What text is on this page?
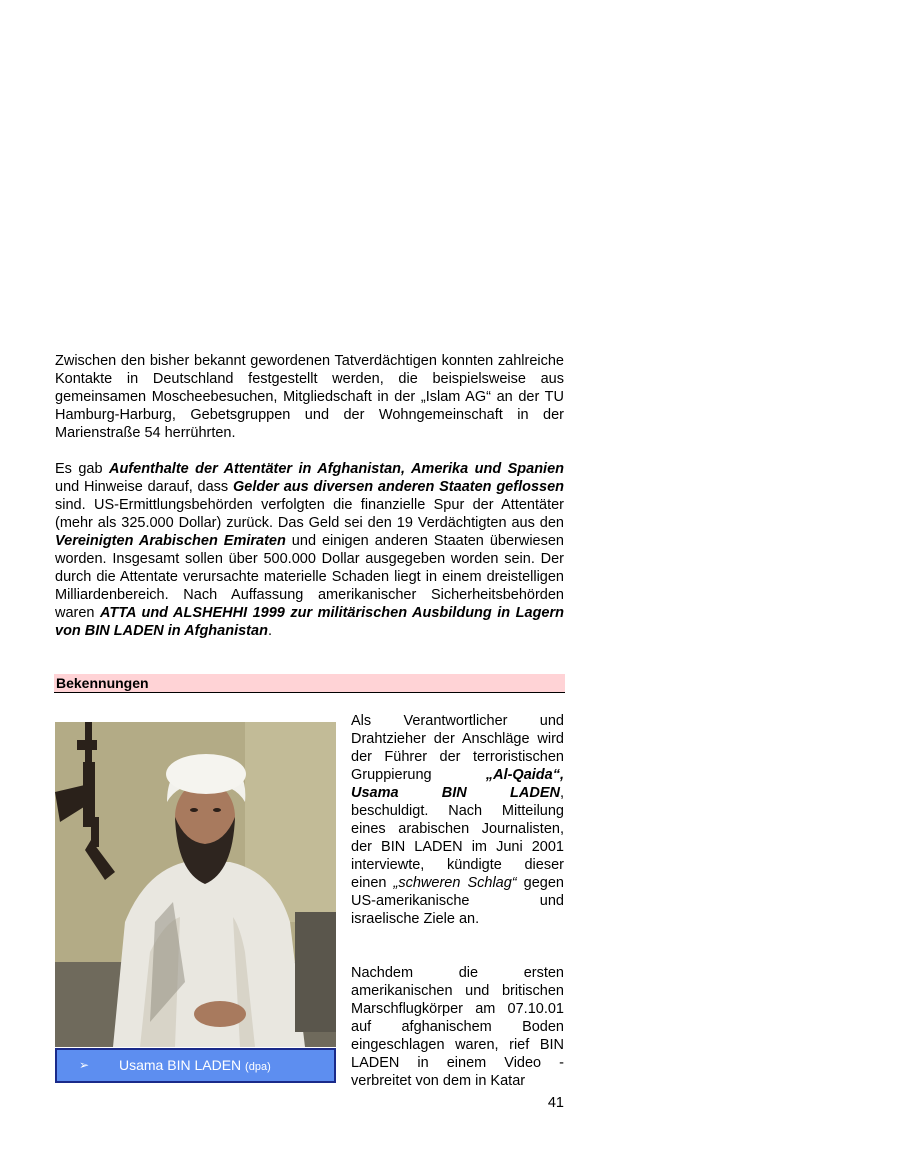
Zwischen den bisher bekannt gewordenen Tatverdächtigen konnten zahlreiche Kontakte in Deutschland festgestellt werden, die beispielsweise aus gemeinsamen Moscheebesuchen, Mitgliedschaft in der „Islam AG“ an der TU Hamburg-Harburg, Gebetsgruppen und der Wohngemeinschaft in der Marienstraße 54 herrührten.

Es gab Aufenthalte der Attentäter in Afghanistan, Amerika und Spanien und Hinweise darauf, dass Gelder aus diversen anderen Staaten geflossen sind. US-Ermittlungsbehörden verfolgten die finanzielle Spur der Attentäter (mehr als 325.000 Dollar) zurück. Das Geld sei den 19 Verdächtigten aus den Vereinigten Arabischen Emiraten und einigen anderen Staaten überwiesen worden. Insgesamt sollen über 500.000 Dollar ausgegeben worden sein. Der durch die Attentate verursachte materielle Schaden liegt in einem dreistelligen Milliardenbereich. Nach Auffassung amerikanischer Sicherheitsbehörden waren ATTA und ALSHEHHI 1999 zur militärischen Ausbildung in Lagern von BIN LADEN in Afghanistan.

Bekennungen
➢ Usama BIN LADEN (dpa)

Als Verantwortlicher und Drahtzieher der Anschläge wird der Führer der terroristischen Gruppierung „Al-Qaida“, Usama BIN LADEN, beschuldigt. Nach Mitteilung eines arabischen Journalisten, der BIN LADEN im Juni 2001 interviewte, kündigte dieser einen „schweren Schlag“ gegen US-amerikanische und israelische Ziele an.

Nachdem die ersten amerikanischen und britischen Marschflugkörper am 07.10.01 auf afghanischem Boden eingeschlagen waren, rief BIN LADEN in einem Video - verbreitet von dem in Katar

41
